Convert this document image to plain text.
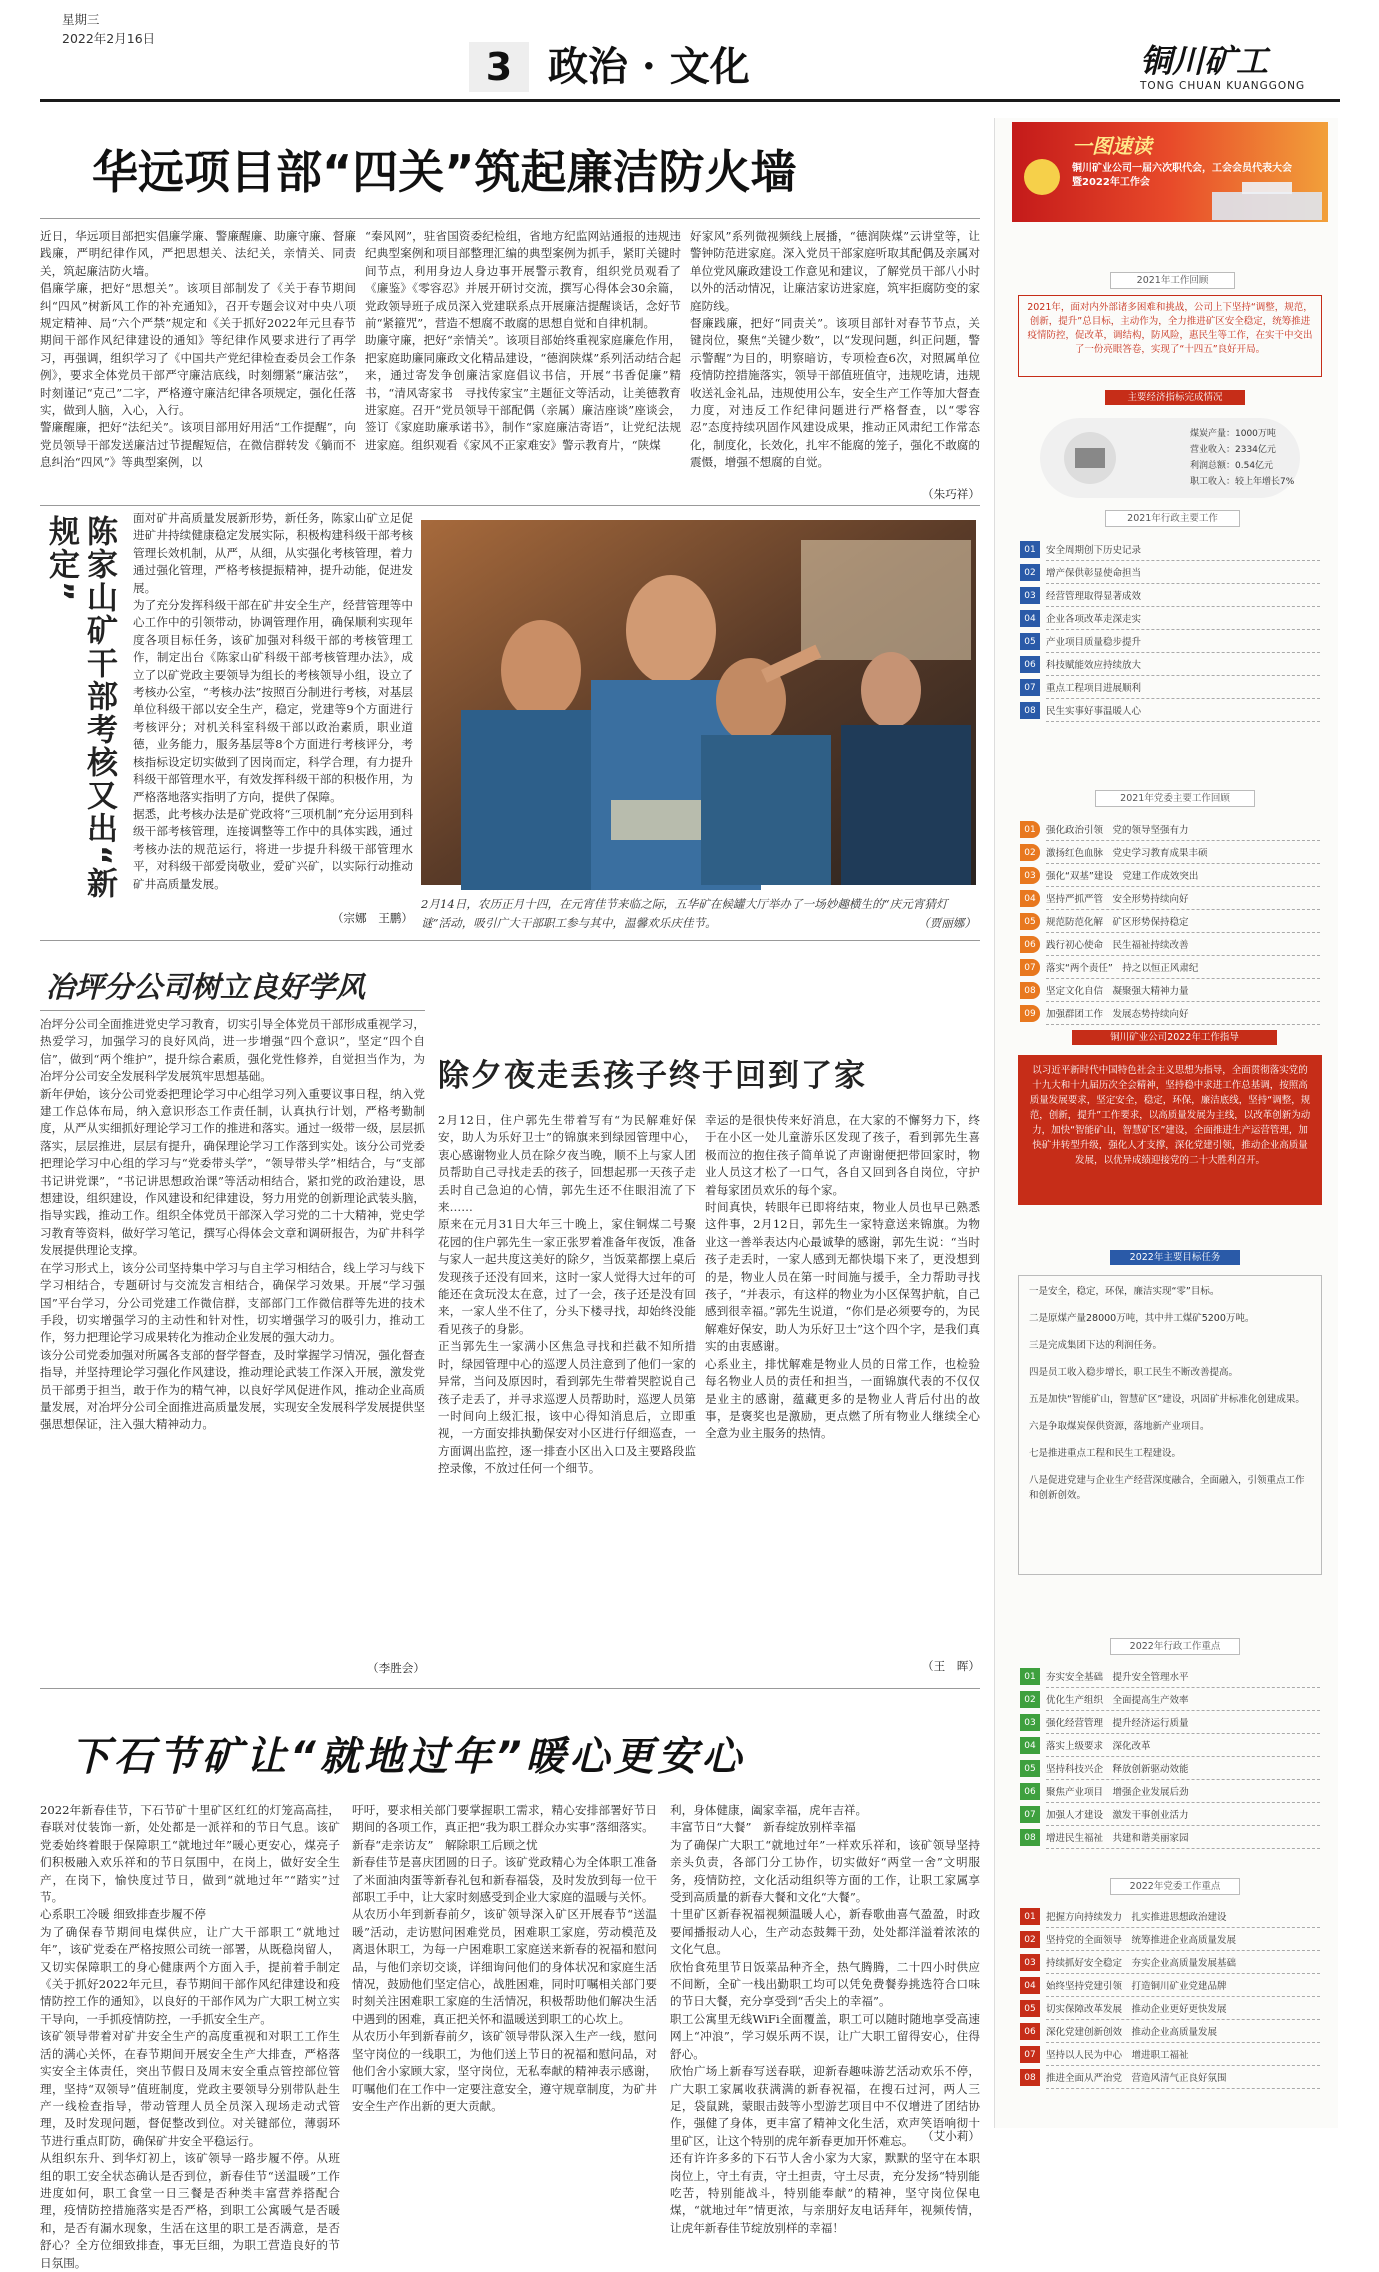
星期三
2022年2月16日
3 政治 · 文化	铜川矿工
TONG CHUAN KUANGGONG
华远项目部“四关”筑起廉洁防火墙
近日，华远项目部把实倡廉学廉、警廉醒廉、助廉守廉、督廉践廉，严明纪律作风，严把思想关、法纪关，亲情关、同责关，筑起廉洁防火墙。
倡廉学廉，把好“思想关”。该项目部制发了《关于春节期间纠“四风”树新风工作的补充通知》，召开专题会议对中央八项规定精神、局“六个严禁”规定和《关于抓好2022年元旦春节期间干部作风纪律建设的通知》等纪律作风要求进行了再学习，再强调，组织学习了《中国共产党纪律检查委员会工作条例》，要求全体党员干部严守廉洁底线，时刻绷紧“廉洁弦”，时刻谨记“克己”二字，严格遵守廉洁纪律各项规定，强化任落实，做到人脑，入心，入行。
警廉醒廉，把好“法纪关”。该项目部用好用活“工作提醒”，向党员领导干部发送廉洁过节提醒短信，在微信群转发《躺而不息纠治“四风”》等典型案例，以
“秦风网”，驻省国资委纪检组，省地方纪监网站通报的违规违纪典型案例和项目部整理汇编的典型案例为抓手，紧盯关键时间节点，利用身边人身边事开展警示教育，组织党员观看了《廉鉴》《零容忍》并展开研讨交流，撰写心得体会30余篇，党政领导班子成员深入党建联系点开展廉洁提醒谈话，念好节前“紧箍咒”，营造不想腐不敢腐的思想自觉和自律机制。
助廉守廉，把好“亲情关”。该项目部始终重视家庭廉危作用，把家庭助廉同廉政文化精品建设，“德润陕煤”系列活动结合起来，通过寄发争创廉洁家庭倡议书信，开展“书香促廉”精书，“清风寄家书　寻找传家宝”主题征文等活动，让美德教育进家庭。召开“党员领导干部配偶（亲属）廉洁座谈”座谈会，签订《家庭助廉承诺书》，制作“家庭廉洁寄语”，让党纪法规进家庭。组织观看《家风不正家难安》警示教育片，“陕煤
好家风”系列微视频线上展播，“德润陕煤”云讲堂等，让警钟防范进家庭。深入党员干部家庭听取其配偶及亲属对单位党风廉政建设工作意见和建议，了解党员干部八小时以外的活动情况，让廉洁家访进家庭，筑牢拒腐防变的家庭防线。
督廉践廉，把好“同责关”。该项目部针对春节节点，关键岗位，聚焦“关键少数”，以“发现问题，纠正问题，警示警醒”为目的，明察暗访，专项检查6次，对照属单位疫情防控措施落实，领导干部值班值守，违规吃请，违规收送礼金礼品，违规使用公车，安全生产工作等加大督查力度，对违反工作纪律问题进行严格督查，以“零容忍”态度持续巩固作风建设成果，推动正风肃纪工作常态化，制度化，长效化，扎牢不能腐的笼子，强化不敢腐的震慑，增强不想腐的自觉。
（朱巧祥）
陈家山矿干部考核又出“新规定”	面对矿井高质量发展新形势，新任务，陈家山矿立足促进矿井持续健康稳定发展实际，积极构建科级干部考核管理长效机制，从严，从细，从实强化考核管理，着力通过强化管理，严格考核提振精神，提升动能，促进发展。
为了充分发挥科级干部在矿井安全生产，经营管理等中心工作中的引领带动，协调管理作用，确保顺利实现年度各项目标任务，该矿加强对科级干部的考核管理工作，制定出台《陈家山矿科级干部考核管理办法》，成立了以矿党政主要领导为组长的考核领导小组，设立了考核办公室，“考核办法”按照百分制进行考核，对基层单位科级干部以安全生产，稳定，党建等9个方面进行考核评分；对机关科室科级干部以政治素质，职业道德，业务能力，服务基层等8个方面进行考核评分，考核指标设定切实做到了因岗而定，科学合理，有力提升科级干部管理水平，有效发挥科级干部的积极作用，为严格落地落实指明了方向，提供了保障。
据悉，此考核办法是矿党政将“三项机制”充分运用到科级干部考核管理，连接调整等工作中的具体实践，通过考核办法的规范运行，将进一步提升科级干部管理水平，对科级干部爱岗敬业，爱矿兴矿，以实际行动推动矿井高质量发展。
（宗娜　王鹏）
2月14日，农历正月十四，在元宵佳节来临之际，五华矿在候罐大厅举办了一场妙趣横生的“庆元宵猜灯谜”活动，吸引广大干部职工参与其中，温馨欢乐庆佳节。	（贾丽娜）
冶坪分公司树立良好学风
冶坪分公司全面推进党史学习教育，切实引导全体党员干部形成重视学习，热爱学习，加强学习的良好风尚，进一步增强“四个意识”，坚定“四个自信”，做到“两个维护”，提升综合素质，强化党性修养，自觉担当作为，为冶坪分公司安全发展科学发展筑牢思想基础。
新年伊始，该分公司党委把理论学习中心组学习列入重要议事日程，纳入党建工作总体布局，纳入意识形态工作责任制，认真执行计划，严格考勤制度，从严从实细抓好理论学习工作的推进和落实。通过一级带一级，层层抓落实，层层推进，层层有提升，确保理论学习工作落到实处。该分公司党委把理论学习中心组的学习与“党委带头学”，“领导带头学”相结合，与“支部书记讲党课”，“书记讲思想政治课”等活动相结合，紧扣党的政治建设，思想建设，组织建设，作风建设和纪律建设，努力用党的创新理论武装头脑，指导实践，推动工作。组织全体党员干部深入学习党的二十大精神，党史学习教育等资料，做好学习笔记，撰写心得体会文章和调研报告，为矿井科学发展提供理论支撑。
在学习形式上，该分公司坚持集中学习与自主学习相结合，线上学习与线下学习相结合，专题研讨与交流发言相结合，确保学习效果。开展“学习强国”平台学习，分公司党建工作微信群，支部部门工作微信群等先进的技术手段，切实增强学习的主动性和针对性，切实增强学习的吸引力，推动工作，努力把理论学习成果转化为推动企业发展的强大动力。
该分公司党委加强对所属各支部的督学督查，及时掌握学习情况，强化督查指导，并坚持理论学习强化作风建设，推动理论武装工作深入开展，激发党员干部勇于担当，敢于作为的精气神，以良好学风促进作风，推动企业高质量发展，对冶坪分公司全面推进高质量发展，实现安全发展科学发展提供坚强思想保证，注入强大精神动力。
（李胜会）
除夕夜走丢孩子终于回到了家
2月12日，住户郭先生带着写有“为民解难好保安，助人为乐好卫士”的锦旗来到绿园管理中心，衷心感谢物业人员在除夕夜当晚，顺不上与家人团员帮助自己寻找走丢的孩子，回想起那一天孩子走丢时自己急迫的心情，郭先生还不住眼泪流了下来……
原来在元月31日大年三十晚上，家住铜煤二号聚花园的住户郭先生一家正张罗着准备年夜饭，准备与家人一起共度这美好的除夕，当饭菜都摆上桌后发现孩子还没有回来，这时一家人觉得大过年的可能还在贪玩没太在意，过了一会，孩子还是没有回来，一家人坐不住了，分头下楼寻找，却始终没能看见孩子的身影。
正当郭先生一家满小区焦急寻找和拦截不知所措时，绿园管理中心的巡逻人员注意到了他们一家的异常，当问及原因时，看到郭先生带着哭腔说自己孩子走丢了，并寻求巡逻人员帮助时，巡逻人员第一时间向上级汇报，该中心得知消息后，立即重视，一方面安排执勤保安对小区进行仔细巡查，一方面调出监控，逐一排查小区出入口及主要路段监控录像，不放过任何一个细节。
幸运的是很快传来好消息，在大家的不懈努力下，终于在小区一处儿童游乐区发现了孩子，看到郭先生喜极而泣的抱住孩子简单说了声谢谢便把带回家时，物业人员这才松了一口气，各自又回到各自岗位，守护着每家团员欢乐的每个家。
时间真快，转眼年已即将结束，物业人员也早已熟悉这件事，2月12日，郭先生一家特意送来锦旗。为物业这一善举表达内心最诚挚的感谢，郭先生说：“当时孩子走丢时，一家人感到无都快塌下来了，更没想到的是，物业人员在第一时间施与援手，全力帮助寻找孩子，“并表示，有这样的物业为小区保驾护航，自己感到很幸福。”郭先生说道，“你们是必须要夸的，为民解难好保安，助人为乐好卫士”这个四个字，是我们真实的由衷感谢。
心系业主，排忧解难是物业人员的日常工作，也检验每名物业人员的责任和担当，一面锦旗代表的不仅仅是业主的感谢，蕴藏更多的是物业人背后付出的故事，是褒奖也是激励，更点燃了所有物业人继续全心全意为业主服务的热情。
（王　晖）
下石节矿让“就地过年”暖心更安心
2022年新春佳节，下石节矿十里矿区红红的灯笼高高挂，春联对仗装饰一新，处处都是一派祥和的节日气息。该矿党委始终着眼于保障职工“就地过年”暖心更安心，煤亮子们积极融入欢乐祥和的节日氛围中，在岗上，做好安全生产，在岗下，愉快度过节日，做到“就地过年”“踏实”过节。
心系职工冷暖 细致排查步履不停
为了确保春节期间电煤供应，让广大干部职工“就地过年”，该矿党委在严格按照公司统一部署，从既稳岗留人，又切实保障职工的身心健康两个方面入手，提前着手制定《关于抓好2022年元旦，春节期间干部作风纪律建设和疫情防控工作的通知》，以良好的干部作风为广大职工树立实干导向，一手抓疫情防控，一手抓安全生产。
该矿领导带着对矿井安全生产的高度重视和对职工工作生活的满心关怀，在春节期间开展安全生产大排查，严格落实安全主体责任，突出节假日及周末安全重点管控部位管理，坚持“双领导”值班制度，党政主要领导分别带队赴生产一线检查指导，带动管理人员全员深入现场走动式管理，及时发现问题，督促整改到位。对关键部位，薄弱环节进行重点盯防，确保矿井安全平稳运行。
从组织东升、到华灯初上，该矿领导一路步履不停。从班组的职工安全状态确认是否到位，新春佳节“送温暖”工作进度如何，职工食堂一日三餐是否种类丰富营养搭配合理，疫情防控措施落实是否严格，到职工公寓暖气是否暖和，是否有漏水现象，生活在这里的职工是否满意，是否舒心？全方位细致排查，事无巨细，为职工营造良好的节日氛围。
吁吁，要求相关部门要掌握职工需求，精心安排部署好节日期间的各项工作，真正把“我为职工群众办实事”落细落实。
新春“走亲访友”　解除职工后顾之忧
新春佳节是喜庆团圆的日子。该矿党政精心为全体职工准备了米面油肉蛋等新春礼包和新春福袋，及时发放到每一位干部职工手中，让大家时刻感受到企业大家庭的温暖与关怀。
从农历小年到新春前夕，该矿领导深入矿区开展春节“送温暖”活动，走访慰问困难党员，困难职工家庭，劳动模范及离退休职工，为每一户困难职工家庭送来新春的祝福和慰问品，与他们亲切交谈，详细询问他们的身体状况和家庭生活情况，鼓励他们坚定信心，战胜困难，同时叮嘱相关部门要时刻关注困难职工家庭的生活情况，积极帮助他们解决生活中遇到的困难，真正把关怀和温暖送到职工的心坎上。
从农历小年到新春前夕，该矿领导带队深入生产一线，慰问坚守岗位的一线职工，为他们送上节日的祝福和慰问品，对他们舍小家顾大家，坚守岗位，无私奉献的精神表示感谢，叮嘱他们在工作中一定要注意安全，遵守规章制度，为矿井安全生产作出新的更大贡献。
利，身体健康，阖家幸福，虎年吉祥。
丰富节日“大餐”　新春绽放别样幸福
为了确保广大职工“就地过年”一样欢乐祥和，该矿领导坚持亲头负责，各部门分工协作，切实做好“两堂一舍”文明服务，疫情防控，文化活动组织等方面的工作，让职工家属享受到高质量的新春大餐和文化“大餐”。
十里矿区新春祝福视频温暖人心，新春歌曲喜气盈盈，时政要闻播报动人心，生产动态鼓舞干劲，处处都洋溢着浓浓的文化气息。
欣怡食苑里节日饭菜品种齐全，热气腾腾，二十四小时供应不间断，全矿一栈出勤职工均可以凭免费餐券挑选符合口味的节日大餐，充分享受到“舌尖上的幸福”。
职工公寓里无线WiFi全面覆盖，职工可以随时随地享受高速网上“冲浪”，学习娱乐两不误，让广大职工留得安心，住得舒心。
欣怡广场上新春写送春联，迎新春趣味游艺活动欢乐不停，广大职工家属收获满满的新春祝福，在搜石过河，两人三足，袋鼠跳，蒙眼击鼓等小型游艺项目中不仅增进了团结协作，强健了身体，更丰富了精神文化生活，欢声笑语响彻十里矿区，让这个特别的虎年新春更加开怀难忘。
还有许许多多的下石节人舍小家为大家，默默的坚守在本职岗位上，守土有责，守土担责，守土尽责，充分发扬“特别能吃苦，特别能战斗，特别能奉献”的精神，坚守岗位保电煤，“就地过年”情更浓，与亲朋好友电话拜年，视频传情，让虎年新春佳节绽放别样的幸福！
（艾小莉）
一图速读
铜川矿业公司一届六次职代会，工会会员代表大会暨2022年工作会
2021年工作回顾
2021年，面对内外部诸多困难和挑战，公司上下坚持“调整，规范，创新，提升”总目标，主动作为，全力推进矿区安全稳定，统筹推进疫情防控，促改革，调结构，防风险，惠民生等工作，在实干中交出了一份亮眼答卷，实现了“十四五”良好开局。
主要经济指标完成情况
煤炭产量：1000万吨
营业收入：2334亿元
利润总额：0.54亿元
职工收入：较上年增长7%
2021年行政主要工作
01	安全周期创下历史记录
02	增产保供彰显使命担当
03	经营管理取得显著成效
04	企业各项改革走深走实
05	产业项目质量稳步提升
06	科技赋能效应持续放大
07	重点工程项目进展顺利
08	民生实事好事温暖人心
2021年党委主要工作回顾
01	强化政治引领　党的领导坚强有力
02	激扬红色血脉　党史学习教育成果丰硕
03	强化“双基”建设　党建工作成效突出
04	坚持严抓严管　安全形势持续向好
05	规范防范化解　矿区形势保持稳定
06	践行初心使命　民生福祉持续改善
07	落实“两个责任”　持之以恒正风肃纪
08	坚定文化自信　凝聚强大精神力量
09	加强群团工作　发展态势持续向好
铜川矿业公司2022年工作指导
以习近平新时代中国特色社会主义思想为指导，全面贯彻落实党的十九大和十九届历次全会精神，坚持稳中求进工作总基调，按照高质量发展要求，坚定安全，稳定，环保，廉洁底线，坚持“调整，规范，创新，提升”工作要求，以高质量发展为主线，以改革创新为动力，加快“智能矿山，智慧矿区”建设，全面推进生产运营管理，加快矿井转型升级，强化人才支撑，深化党建引领，推动企业高质量发展，以优异成绩迎接党的二十大胜利召开。
2022年主要目标任务
一是安全，稳定，环保，廉洁实现“零”目标。
二是原煤产量28000万吨，其中井工煤矿5200万吨。
三是完成集团下达的利润任务。
四是员工收入稳步增长，职工民生不断改善提高。
五是加快“智能矿山，智慧矿区”建设，巩固矿井标准化创建成果。
六是争取煤炭保供资源，落地新产业项目。
七是推进重点工程和民生工程建设。
八是促进党建与企业生产经营深度融合，全面融入，引领重点工作和创新创效。
2022年行政工作重点
01	夯实安全基础　提升安全管理水平
02	优化生产组织　全面提高生产效率
03	强化经营管理　提升经济运行质量
04	落实上级要求　深化改革
05	坚持科技兴企　释放创新驱动效能
06	聚焦产业项目　增强企业发展后劲
07	加强人才建设　激发干事创业活力
08	增进民生福祉　共建和谐美丽家园
2022年党委工作重点
01	把握方向持续发力　扎实推进思想政治建设
02	坚持党的全面领导　统筹推进企业高质量发展
03	持续抓好安全稳定　夯实企业高质量发展基础
04	始终坚持党建引领　打造铜川矿业党建品牌
05	切实保障改革发展　推动企业更好更快发展
06	深化党建创新创效　推动企业高质量发展
07	坚持以人民为中心　增进职工福祉
08	推进全面从严治党　营造风清气正良好氛围
